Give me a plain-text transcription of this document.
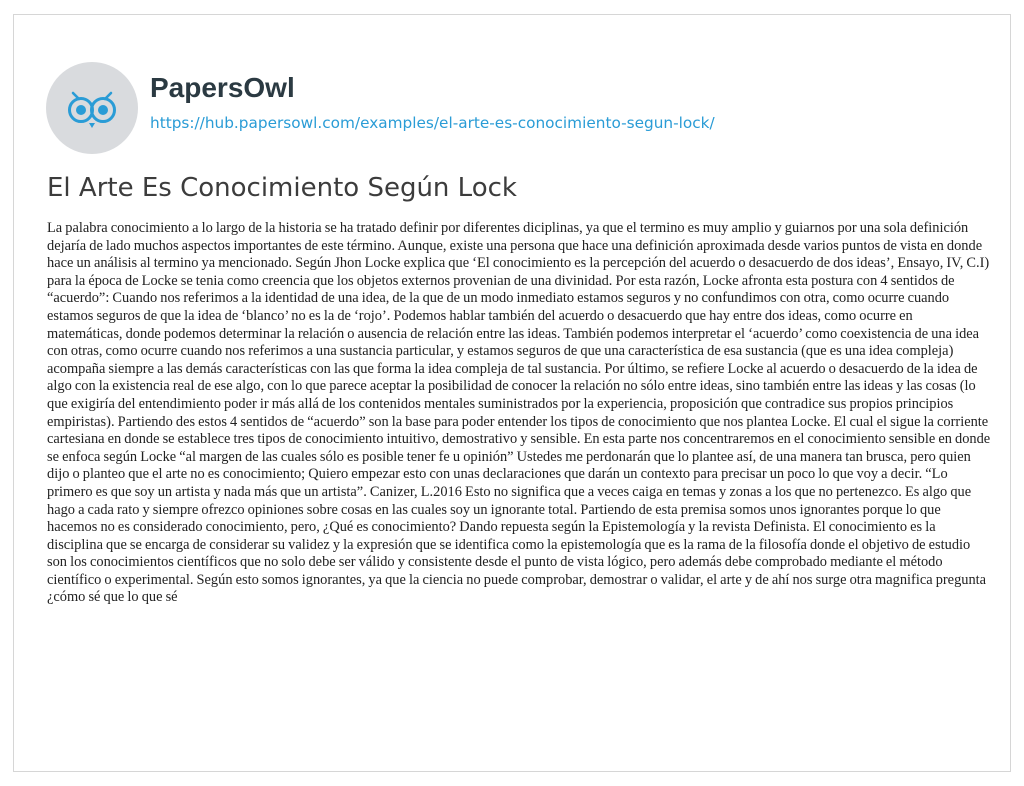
PapersOwl
https://hub.papersowl.com/examples/el-arte-es-conocimiento-segun-lock/
El Arte Es Conocimiento Según Lock

La palabra conocimiento a lo largo de la historia se ha tratado definir por diferentes diciplinas, ya que el termino es muy amplio y guiarnos por una sola definición dejaría de lado muchos aspectos importantes de este término. Aunque, existe una persona que hace una definición aproximada desde varios puntos de vista en donde hace un análisis al termino ya mencionado. Según Jhon Locke explica que ‘El conocimiento es la percepción del acuerdo o desacuerdo de dos ideas’, Ensayo, IV, C.I) para la época de Locke se tenia como creencia que los objetos externos provenian de una divinidad. Por esta razón, Locke afronta esta postura con 4 sentidos de “acuerdo”: Cuando nos referimos a la identidad de una idea, de la que de un modo inmediato estamos seguros y no confundimos con otra, como ocurre cuando estamos seguros de que la idea de ‘blanco’ no es la de ‘rojo’. Podemos hablar también del acuerdo o desacuerdo que hay entre dos ideas, como ocurre en matemáticas, donde podemos determinar la relación o ausencia de relación entre las ideas. También podemos interpretar el ‘acuerdo’ como coexistencia de una idea con otras, como ocurre cuando nos referimos a una sustancia particular, y estamos seguros de que una característica de esa sustancia (que es una idea compleja) acompaña siempre a las demás características con las que forma la idea compleja de tal sustancia. Por último, se refiere Locke al acuerdo o desacuerdo de la idea de algo con la existencia real de ese algo, con lo que parece aceptar la posibilidad de conocer la relación no sólo entre ideas, sino también entre las ideas y las cosas (lo que exigiría del entendimiento poder ir más allá de los contenidos mentales suministrados por la experiencia, proposición que contradice sus propios principios empiristas). Partiendo des estos 4 sentidos de “acuerdo” son la base para poder entender los tipos de conocimiento que nos plantea Locke. El cual el sigue la corriente cartesiana en donde se establece tres tipos de conocimiento intuitivo, demostrativo y sensible. En esta parte nos concentraremos en el conocimiento sensible en donde se enfoca según Locke “al margen de las cuales sólo es posible tener fe u opinión” Ustedes me perdonarán que lo plantee así, de una manera tan brusca, pero quien dijo o planteo que el arte no es conocimiento; Quiero empezar esto con unas declaraciones que darán un contexto para precisar un poco lo que voy a decir. “Lo primero es que soy un artista y nada más que un artista”. Canizer, L.2016 Esto no significa que a veces caiga en temas y zonas a los que no pertenezco. Es algo que hago a cada rato y siempre ofrezco opiniones sobre cosas en las cuales soy un ignorante total. Partiendo de esta premisa somos unos ignorantes porque lo que hacemos no es considerado conocimiento, pero, ¿Qué es conocimiento? Dando repuesta según la Epistemología y la revista Definista. El conocimiento es la disciplina que se encarga de considerar su validez y la expresión que se identifica como la epistemología que es la rama de la filosofía donde el objetivo de estudio son los conocimientos científicos que no solo debe ser válido y consistente desde el punto de vista lógico, pero además debe comprobado mediante el método científico o experimental. Según esto somos ignorantes, ya que la ciencia no puede comprobar, demostrar o validar, el arte y de ahí nos surge otra magnifica pregunta ¿cómo sé que lo que sé
